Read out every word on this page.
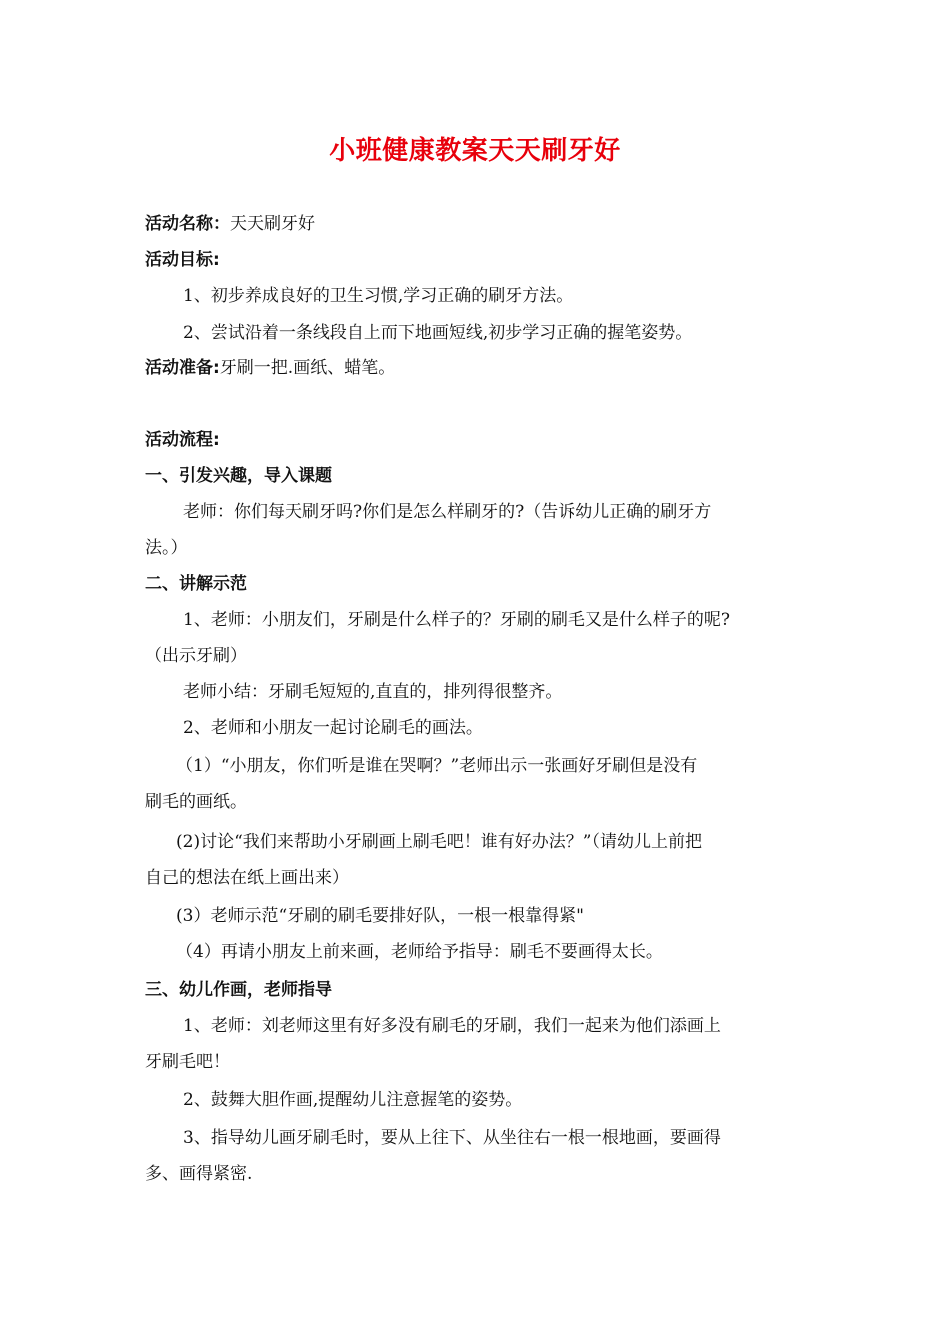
小班健康教案天天刷牙好
活动名称：天天刷牙好
活动目标:
1、初步养成良好的卫生习惯,学习正确的刷牙方法。
2、尝试沿着一条线段自上而下地画短线,初步学习正确的握笔姿势。
活动准备:牙刷一把.画纸、蜡笔。
活动流程:
一、引发兴趣，导入课题
老师：你们每天刷牙吗?你们是怎么样刷牙的?（告诉幼儿正确的刷牙方
法。）
二、讲解示范
1、老师：小朋友们，牙刷是什么样子的？牙刷的刷毛又是什么样子的呢?
（出示牙刷）
老师小结：牙刷毛短短的,直直的，排列得很整齐。
2、老师和小朋友一起讨论刷毛的画法。
（1）“小朋友，你们听是谁在哭啊？”老师出示一张画好牙刷但是没有
刷毛的画纸。
(2)讨论“我们来帮助小牙刷画上刷毛吧！谁有好办法？”（请幼儿上前把
自己的想法在纸上画出来）
(3）老师示范“牙刷的刷毛要排好队，一根一根靠得紧"
（4）再请小朋友上前来画，老师给予指导：刷毛不要画得太长。
三、幼儿作画，老师指导
1、老师：刘老师这里有好多没有刷毛的牙刷，我们一起来为他们添画上
牙刷毛吧！
2、鼓舞大胆作画,提醒幼儿注意握笔的姿势。
3、指导幼儿画牙刷毛时，要从上往下、从坐往右一根一根地画，要画得
多、画得紧密.
